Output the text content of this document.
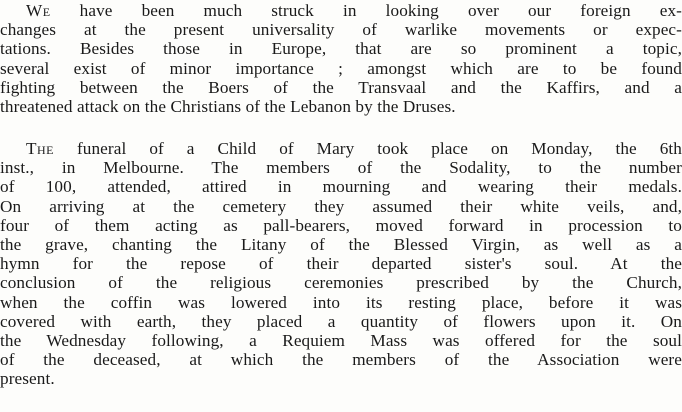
We have been much struck in looking over our foreign ex-
changes at the present universality of warlike movements or expec-
tations. Besides those in Europe, that are so prominent a topic,
several exist of minor importance ; amongst which are to be found
fighting between the Boers of the Transvaal and the Kaffirs, and a
threatened attack on the Christians of the Lebanon by the Druses.
The funeral of a Child of Mary took place on Monday, the 6th
inst., in Melbourne. The members of the Sodality, to the number
of 100, attended, attired in mourning and wearing their medals.
On arriving at the cemetery they assumed their white veils, and,
four of them acting as pall-bearers, moved forward in procession to
the grave, chanting the Litany of the Blessed Virgin, as well as a
hymn for the repose of their departed sister's soul. At the
conclusion of the religious ceremonies prescribed by the Church,
when the coffin was lowered into its resting place, before it was
covered with earth, they placed a quantity of flowers upon it. On
the Wednesday following, a Requiem Mass was offered for the soul
of the deceased, at which the members of the Association were
present.
